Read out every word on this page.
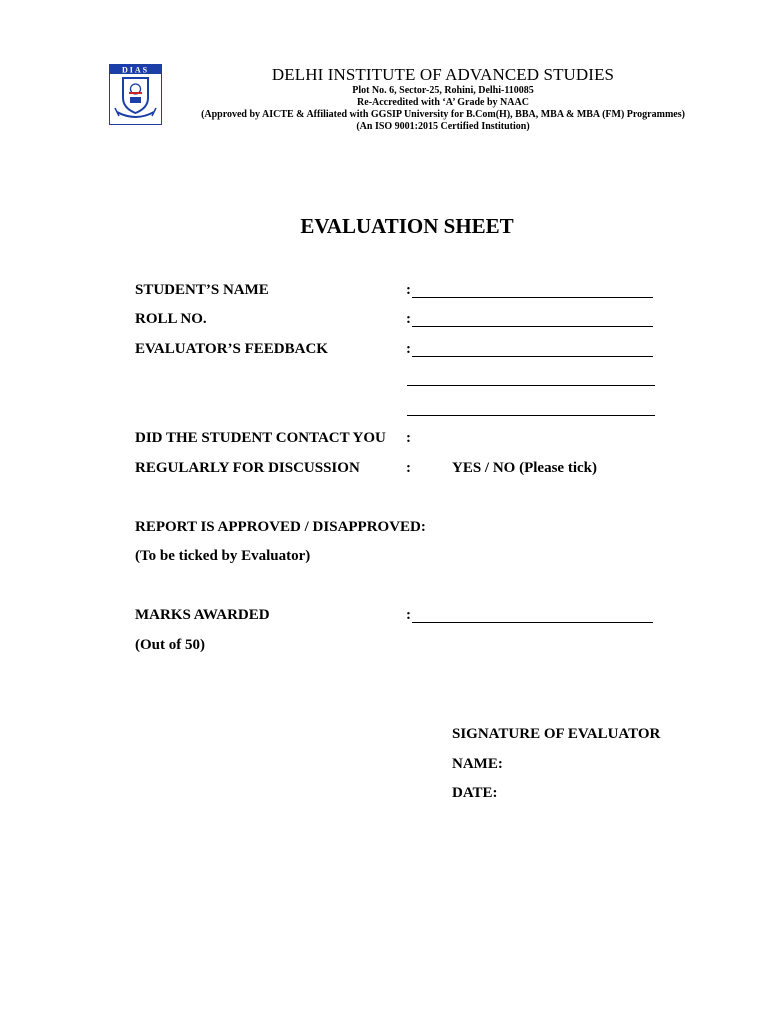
DIAS	DELHI INSTITUTE OF ADVANCED STUDIES
Plot No. 6, Sector-25, Rohini, Delhi-110085
Re-Accredited with ‘A’ Grade by NAAC
(Approved by AICTE & Affiliated with GGSIP University for B.Com(H), BBA, MBA & MBA (FM) Programmes)
(An ISO 9001:2015 Certified Institution)
EVALUATION SHEET
STUDENT’S NAME	:
ROLL NO.	:
EVALUATOR’S FEEDBACK	:
DID THE STUDENT CONTACT YOU :
REGULARLY FOR DISCUSSION	:	YES / NO (Please tick)
REPORT IS APPROVED / DISAPPROVED:
(To be ticked by Evaluator)
MARKS AWARDED	:
(Out of 50)
SIGNATURE OF EVALUATOR
NAME:
DATE:
